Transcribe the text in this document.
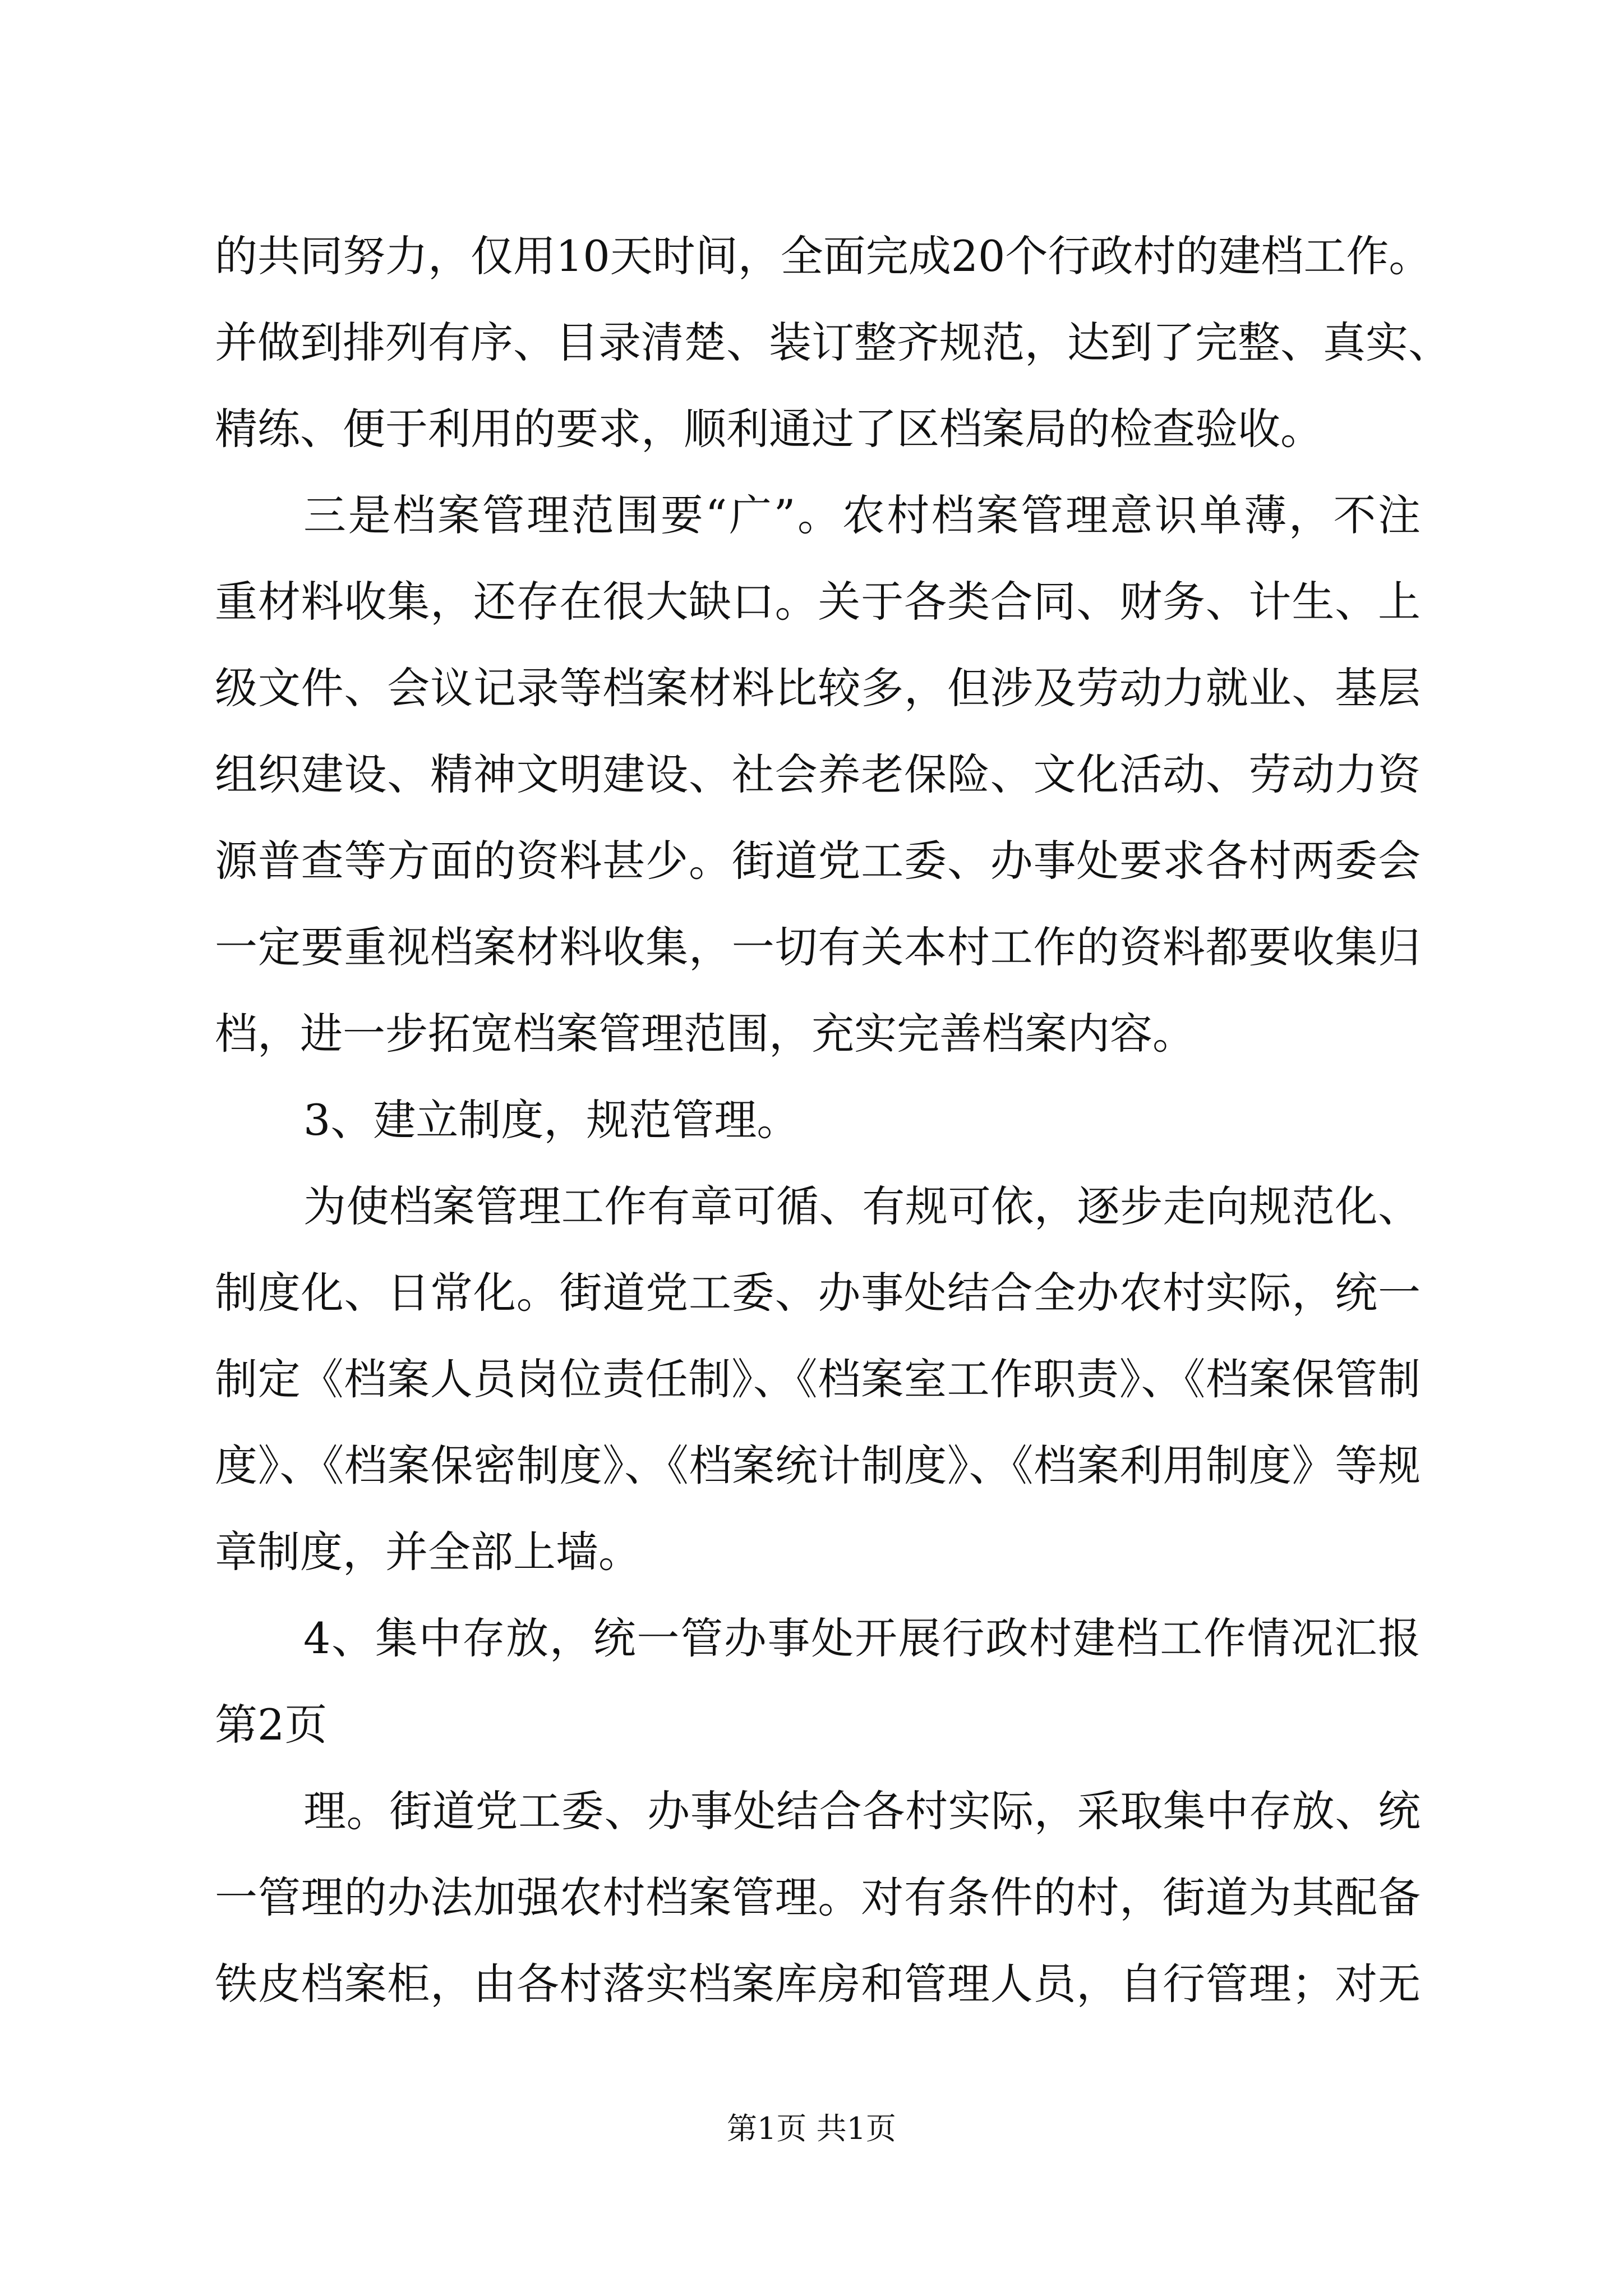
的共同努力，仅用10天时间，全面完成20个行政村的建档工作。
并做到排列有序、目录清楚、装订整齐规范，达到了完整、真实、
精练、便于利用的要求，顺利通过了区档案局的检查验收。
三是档案管理范围要“广”。农村档案管理意识单薄，不注
重材料收集，还存在很大缺口。关于各类合同、财务、计生、上
级文件、会议记录等档案材料比较多，但涉及劳动力就业、基层
组织建设、精神文明建设、社会养老保险、文化活动、劳动力资
源普查等方面的资料甚少。街道党工委、办事处要求各村两委会
一定要重视档案材料收集，一切有关本村工作的资料都要收集归
档，进一步拓宽档案管理范围，充实完善档案内容。
3、建立制度，规范管理。
为使档案管理工作有章可循、有规可依，逐步走向规范化、
制度化、日常化。街道党工委、办事处结合全办农村实际，统一
制定《档案人员岗位责任制》、《档案室工作职责》、《档案保管制
度》、《档案保密制度》、《档案统计制度》、《档案利用制度》等规
章制度，并全部上墙。
4、集中存放，统一管办事处开展行政村建档工作情况汇报
第2页
理。街道党工委、办事处结合各村实际，采取集中存放、统
一管理的办法加强农村档案管理。对有条件的村，街道为其配备
铁皮档案柜，由各村落实档案库房和管理人员，自行管理；对无
第1页 共1页
